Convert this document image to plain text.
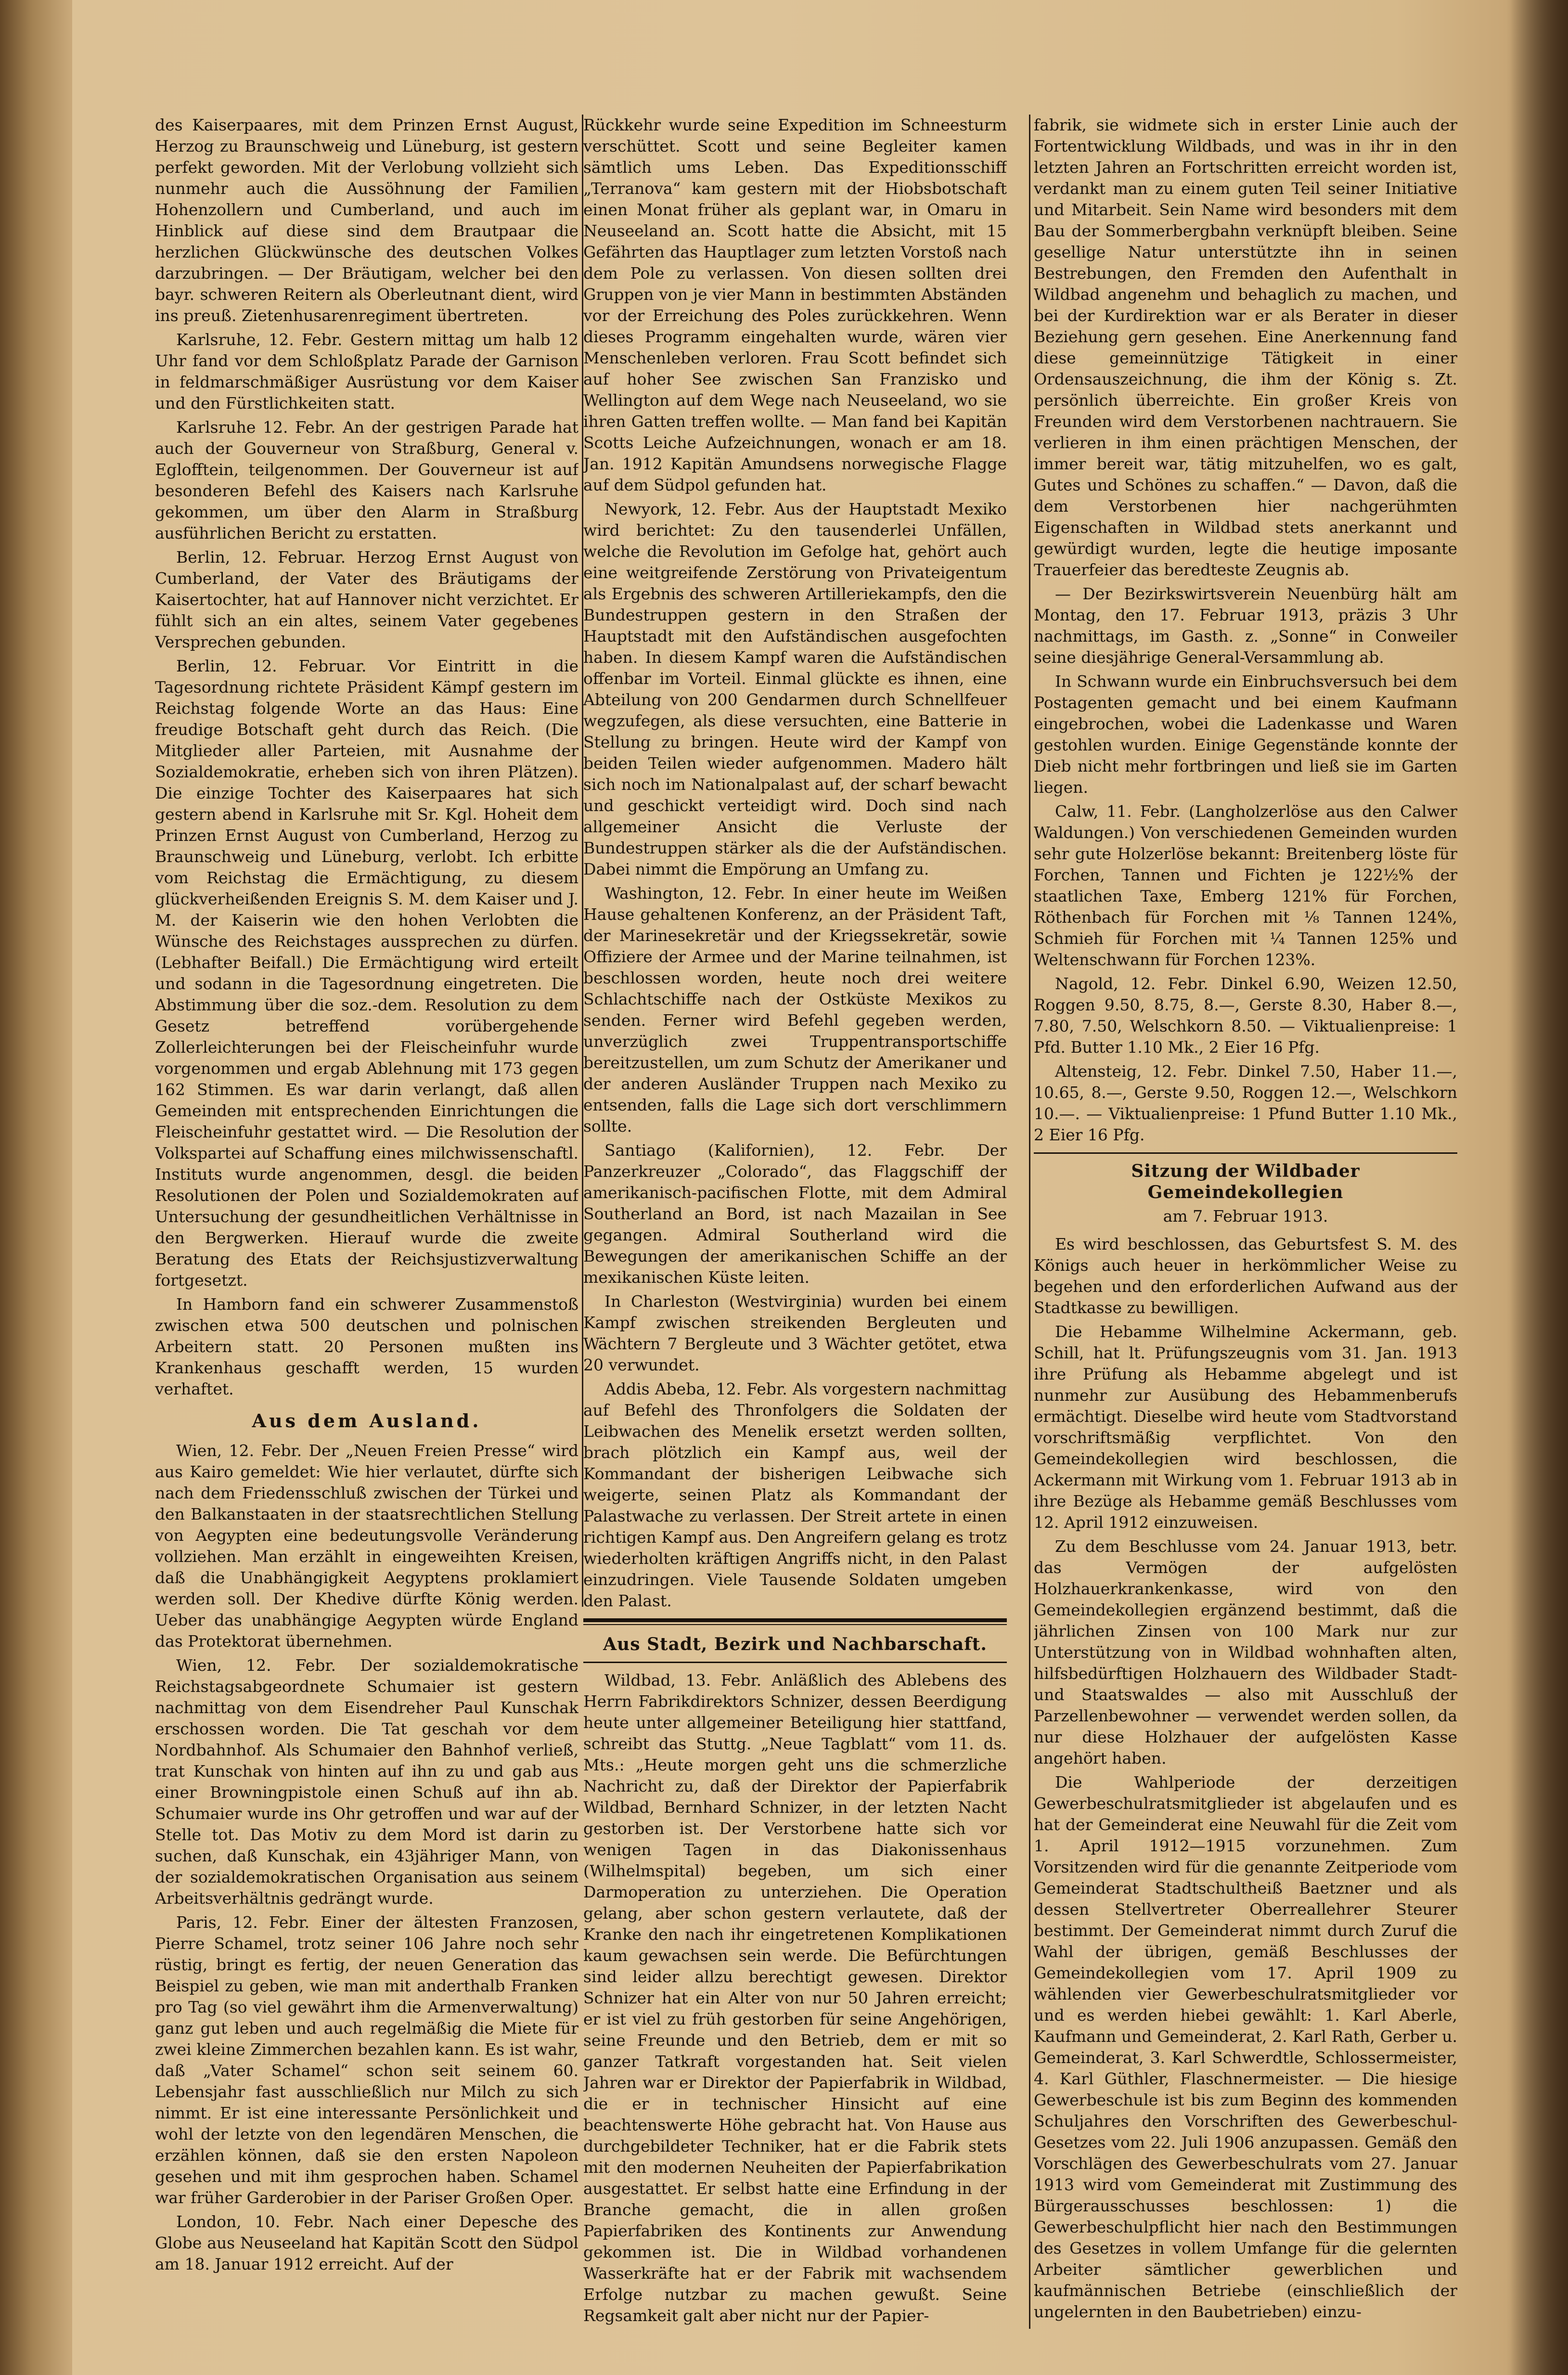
des Kaiserpaares, mit dem Prinzen Ernst August, Herzog zu Braunschweig und Lüneburg, ist gestern perfekt geworden. Mit der Verlobung vollzieht sich nunmehr auch die Aussöhnung der Familien Hohenzollern und Cumberland, und auch im Hinblick auf diese sind dem Brautpaar die herzlichen Glückwünsche des deutschen Volkes darzubringen. — Der Bräutigam, welcher bei den bayr. schweren Reitern als Oberleutnant dient, wird ins preuß. Zietenhusarenregiment übertreten.

Karlsruhe, 12. Febr. Gestern mittag um halb 12 Uhr fand vor dem Schloßplatz Parade der Garnison in feldmarschmäßiger Ausrüstung vor dem Kaiser und den Fürstlichkeiten statt.

Karlsruhe 12. Febr. An der gestrigen Parade hat auch der Gouverneur von Straßburg, General v. Eglofftein, teilgenommen. Der Gouverneur ist auf besonderen Befehl des Kaisers nach Karlsruhe gekommen, um über den Alarm in Straßburg ausführlichen Bericht zu erstatten.

Berlin, 12. Februar. Herzog Ernst August von Cumberland, der Vater des Bräutigams der Kaisertochter, hat auf Hannover nicht verzichtet. Er fühlt sich an ein altes, seinem Vater gegebenes Versprechen gebunden.

Berlin, 12. Februar. Vor Eintritt in die Tagesordnung richtete Präsident Kämpf gestern im Reichstag folgende Worte an das Haus: Eine freudige Botschaft geht durch das Reich. (Die Mitglieder aller Parteien, mit Ausnahme der Sozialdemokratie, erheben sich von ihren Plätzen). Die einzige Tochter des Kaiserpaares hat sich gestern abend in Karlsruhe mit Sr. Kgl. Hoheit dem Prinzen Ernst August von Cumberland, Herzog zu Braunschweig und Lüneburg, verlobt. Ich erbitte vom Reichstag die Ermächtigung, zu diesem glückverheißenden Ereignis S. M. dem Kaiser und J. M. der Kaiserin wie den hohen Verlobten die Wünsche des Reichstages aussprechen zu dürfen. (Lebhafter Beifall.) Die Ermächtigung wird erteilt und sodann in die Tagesordnung eingetreten. Die Abstimmung über die soz.-dem. Resolution zu dem Gesetz betreffend vorübergehende Zollerleichterungen bei der Fleischeinfuhr wurde vorgenommen und ergab Ablehnung mit 173 gegen 162 Stimmen. Es war darin verlangt, daß allen Gemeinden mit entsprechenden Einrichtungen die Fleischeinfuhr gestattet wird. — Die Resolution der Volkspartei auf Schaffung eines milchwissenschaftl. Instituts wurde angenommen, desgl. die beiden Resolutionen der Polen und Sozialdemokraten auf Untersuchung der gesundheitlichen Verhältnisse in den Bergwerken. Hierauf wurde die zweite Beratung des Etats der Reichsjustizverwaltung fortgesetzt.

In Hamborn fand ein schwerer Zusammenstoß zwischen etwa 500 deutschen und polnischen Arbeitern statt. 20 Personen mußten ins Krankenhaus geschafft werden, 15 wurden verhaftet.

Aus dem Ausland.

Wien, 12. Febr. Der „Neuen Freien Presse“ wird aus Kairo gemeldet: Wie hier verlautet, dürfte sich nach dem Friedensschluß zwischen der Türkei und den Balkanstaaten in der staatsrechtlichen Stellung von Aegypten eine bedeutungsvolle Veränderung vollziehen. Man erzählt in eingeweihten Kreisen, daß die Unabhängigkeit Aegyptens proklamiert werden soll. Der Khedive dürfte König werden. Ueber das unabhängige Aegypten würde England das Protektorat übernehmen.

Wien, 12. Febr. Der sozialdemokratische Reichstagsabgeordnete Schumaier ist gestern nachmittag von dem Eisendreher Paul Kunschak erschossen worden. Die Tat geschah vor dem Nordbahnhof. Als Schumaier den Bahnhof verließ, trat Kunschak von hinten auf ihn zu und gab aus einer Browningpistole einen Schuß auf ihn ab. Schumaier wurde ins Ohr getroffen und war auf der Stelle tot. Das Motiv zu dem Mord ist darin zu suchen, daß Kunschak, ein 43jähriger Mann, von der sozialdemokratischen Organisation aus seinem Arbeitsverhältnis gedrängt wurde.

Paris, 12. Febr. Einer der ältesten Franzosen, Pierre Schamel, trotz seiner 106 Jahre noch sehr rüstig, bringt es fertig, der neuen Generation das Beispiel zu geben, wie man mit anderthalb Franken pro Tag (so viel gewährt ihm die Armenverwaltung) ganz gut leben und auch regelmäßig die Miete für zwei kleine Zimmerchen bezahlen kann. Es ist wahr, daß „Vater Schamel“ schon seit seinem 60. Lebensjahr fast ausschließlich nur Milch zu sich nimmt. Er ist eine interessante Persönlichkeit und wohl der letzte von den legendären Menschen, die erzählen können, daß sie den ersten Napoleon gesehen und mit ihm gesprochen haben. Schamel war früher Garderobier in der Pariser Großen Oper.

London, 10. Febr. Nach einer Depesche des Globe aus Neuseeland hat Kapitän Scott den Südpol am 18. Januar 1912 erreicht. Auf der

Rückkehr wurde seine Expedition im Schneesturm verschüttet. Scott und seine Begleiter kamen sämtlich ums Leben. Das Expeditionsschiff „Terranova“ kam gestern mit der Hiobsbotschaft einen Monat früher als geplant war, in Omaru in Neuseeland an. Scott hatte die Absicht, mit 15 Gefährten das Hauptlager zum letzten Vorstoß nach dem Pole zu verlassen. Von diesen sollten drei Gruppen von je vier Mann in bestimmten Abständen vor der Erreichung des Poles zurückkehren. Wenn dieses Programm eingehalten wurde, wären vier Menschenleben verloren. Frau Scott befindet sich auf hoher See zwischen San Franzisko und Wellington auf dem Wege nach Neuseeland, wo sie ihren Gatten treffen wollte. — Man fand bei Kapitän Scotts Leiche Aufzeichnungen, wonach er am 18. Jan. 1912 Kapitän Amundsens norwegische Flagge auf dem Südpol gefunden hat.

Newyork, 12. Febr. Aus der Hauptstadt Mexiko wird berichtet: Zu den tausenderlei Unfällen, welche die Revolution im Gefolge hat, gehört auch eine weitgreifende Zerstörung von Privateigentum als Ergebnis des schweren Artilleriekampfs, den die Bundestruppen gestern in den Straßen der Hauptstadt mit den Aufständischen ausgefochten haben. In diesem Kampf waren die Aufständischen offenbar im Vorteil. Einmal glückte es ihnen, eine Abteilung von 200 Gendarmen durch Schnellfeuer wegzufegen, als diese versuchten, eine Batterie in Stellung zu bringen. Heute wird der Kampf von beiden Teilen wieder aufgenommen. Madero hält sich noch im Nationalpalast auf, der scharf bewacht und geschickt verteidigt wird. Doch sind nach allgemeiner Ansicht die Verluste der Bundestruppen stärker als die der Aufständischen. Dabei nimmt die Empörung an Umfang zu.

Washington, 12. Febr. In einer heute im Weißen Hause gehaltenen Konferenz, an der Präsident Taft, der Marinesekretär und der Kriegssekretär, sowie Offiziere der Armee und der Marine teilnahmen, ist beschlossen worden, heute noch drei weitere Schlachtschiffe nach der Ostküste Mexikos zu senden. Ferner wird Befehl gegeben werden, unverzüglich zwei Truppentransportschiffe bereitzustellen, um zum Schutz der Amerikaner und der anderen Ausländer Truppen nach Mexiko zu entsenden, falls die Lage sich dort verschlimmern sollte.

Santiago (Kalifornien), 12. Febr. Der Panzerkreuzer „Colorado“, das Flaggschiff der amerikanisch-pacifischen Flotte, mit dem Admiral Southerland an Bord, ist nach Mazailan in See gegangen. Admiral Southerland wird die Bewegungen der amerikanischen Schiffe an der mexikanischen Küste leiten.

In Charleston (Westvirginia) wurden bei einem Kampf zwischen streikenden Bergleuten und Wächtern 7 Bergleute und 3 Wächter getötet, etwa 20 verwundet.

Addis Abeba, 12. Febr. Als vorgestern nachmittag auf Befehl des Thronfolgers die Soldaten der Leibwachen des Menelik ersetzt werden sollten, brach plötzlich ein Kampf aus, weil der Kommandant der bisherigen Leibwache sich weigerte, seinen Platz als Kommandant der Palastwache zu verlassen. Der Streit artete in einen richtigen Kampf aus. Den Angreifern gelang es trotz wiederholten kräftigen Angriffs nicht, in den Palast einzudringen. Viele Tausende Soldaten umgeben den Palast.

Aus Stadt, Bezirk und Nachbarschaft.

Wildbad, 13. Febr. Anläßlich des Ablebens des Herrn Fabrikdirektors Schnizer, dessen Beerdigung heute unter allgemeiner Beteiligung hier stattfand, schreibt das Stuttg. „Neue Tagblatt“ vom 11. ds. Mts.: „Heute morgen geht uns die schmerzliche Nachricht zu, daß der Direktor der Papierfabrik Wildbad, Bernhard Schnizer, in der letzten Nacht gestorben ist. Der Verstorbene hatte sich vor wenigen Tagen in das Diakonissenhaus (Wilhelmspital) begeben, um sich einer Darmoperation zu unterziehen. Die Operation gelang, aber schon gestern verlautete, daß der Kranke den nach ihr eingetretenen Komplikationen kaum gewachsen sein werde. Die Befürchtungen sind leider allzu berechtigt gewesen. Direktor Schnizer hat ein Alter von nur 50 Jahren erreicht; er ist viel zu früh gestorben für seine Angehörigen, seine Freunde und den Betrieb, dem er mit so ganzer Tatkraft vorgestanden hat. Seit vielen Jahren war er Direktor der Papierfabrik in Wildbad, die er in technischer Hinsicht auf eine beachtenswerte Höhe gebracht hat. Von Hause aus durchgebildeter Techniker, hat er die Fabrik stets mit den modernen Neuheiten der Papierfabrikation ausgestattet. Er selbst hatte eine Erfindung in der Branche gemacht, die in allen großen Papierfabriken des Kontinents zur Anwendung gekommen ist. Die in Wildbad vorhandenen Wasserkräfte hat er der Fabrik mit wachsendem Erfolge nutzbar zu machen gewußt. Seine Regsamkeit galt aber nicht nur der Papier-

fabrik, sie widmete sich in erster Linie auch der Fortentwicklung Wildbads, und was in ihr in den letzten Jahren an Fortschritten erreicht worden ist, verdankt man zu einem guten Teil seiner Initiative und Mitarbeit. Sein Name wird besonders mit dem Bau der Sommerbergbahn verknüpft bleiben. Seine gesellige Natur unterstützte ihn in seinen Bestrebungen, den Fremden den Aufenthalt in Wildbad angenehm und behaglich zu machen, und bei der Kurdirektion war er als Berater in dieser Beziehung gern gesehen. Eine Anerkennung fand diese gemeinnützige Tätigkeit in einer Ordensauszeichnung, die ihm der König s. Zt. persönlich überreichte. Ein großer Kreis von Freunden wird dem Verstorbenen nachtrauern. Sie verlieren in ihm einen prächtigen Menschen, der immer bereit war, tätig mitzuhelfen, wo es galt, Gutes und Schönes zu schaffen.“ — Davon, daß die dem Verstorbenen hier nachgerühmten Eigenschaften in Wildbad stets anerkannt und gewürdigt wurden, legte die heutige imposante Trauerfeier das beredteste Zeugnis ab.

— Der Bezirkswirtsverein Neuenbürg hält am Montag, den 17. Februar 1913, präzis 3 Uhr nachmittags, im Gasth. z. „Sonne“ in Conweiler seine diesjährige General-Versammlung ab.

In Schwann wurde ein Einbruchsversuch bei dem Postagenten gemacht und bei einem Kaufmann eingebrochen, wobei die Ladenkasse und Waren gestohlen wurden. Einige Gegenstände konnte der Dieb nicht mehr fortbringen und ließ sie im Garten liegen.

Calw, 11. Febr. (Langholzerlöse aus den Calwer Waldungen.) Von verschiedenen Gemeinden wurden sehr gute Holzerlöse bekannt: Breitenberg löste für Forchen, Tannen und Fichten je 122½% der staatlichen Taxe, Emberg 121% für Forchen, Röthenbach für Forchen mit ⅛ Tannen 124%, Schmieh für Forchen mit ¼ Tannen 125% und Weltenschwann für Forchen 123%.

Nagold, 12. Febr. Dinkel 6.90, Weizen 12.50, Roggen 9.50, 8.75, 8.—, Gerste 8.30, Haber 8.—, 7.80, 7.50, Welschkorn 8.50. — Viktualienpreise: 1 Pfd. Butter 1.10 Mk., 2 Eier 16 Pfg.

Altensteig, 12. Febr. Dinkel 7.50, Haber 11.—, 10.65, 8.—, Gerste 9.50, Roggen 12.—, Welschkorn 10.—. — Viktualienpreise: 1 Pfund Butter 1.10 Mk., 2 Eier 16 Pfg.

Sitzung der Wildbader Gemeindekollegien
am 7. Februar 1913.

Es wird beschlossen, das Geburtsfest S. M. des Königs auch heuer in herkömmlicher Weise zu begehen und den erforderlichen Aufwand aus der Stadtkasse zu bewilligen.

Die Hebamme Wilhelmine Ackermann, geb. Schill, hat lt. Prüfungszeugnis vom 31. Jan. 1913 ihre Prüfung als Hebamme abgelegt und ist nunmehr zur Ausübung des Hebammenberufs ermächtigt. Dieselbe wird heute vom Stadtvorstand vorschriftsmäßig verpflichtet. Von den Gemeindekollegien wird beschlossen, die Ackermann mit Wirkung vom 1. Februar 1913 ab in ihre Bezüge als Hebamme gemäß Beschlusses vom 12. April 1912 einzuweisen.

Zu dem Beschlusse vom 24. Januar 1913, betr. das Vermögen der aufgelösten Holzhauerkrankenkasse, wird von den Gemeindekollegien ergänzend bestimmt, daß die jährlichen Zinsen von 100 Mark nur zur Unterstützung von in Wildbad wohnhaften alten, hilfsbedürftigen Holzhauern des Wildbader Stadt- und Staatswaldes — also mit Ausschluß der Parzellenbewohner — verwendet werden sollen, da nur diese Holzhauer der aufgelösten Kasse angehört haben.

Die Wahlperiode der derzeitigen Gewerbeschulratsmitglieder ist abgelaufen und es hat der Gemeinderat eine Neuwahl für die Zeit vom 1. April 1912—1915 vorzunehmen. Zum Vorsitzenden wird für die genannte Zeitperiode vom Gemeinderat Stadtschultheiß Baetzner und als dessen Stellvertreter Oberreallehrer Steurer bestimmt. Der Gemeinderat nimmt durch Zuruf die Wahl der übrigen, gemäß Beschlusses der Gemeindekollegien vom 17. April 1909 zu wählenden vier Gewerbeschulratsmitglieder vor und es werden hiebei gewählt: 1. Karl Aberle, Kaufmann und Gemeinderat, 2. Karl Rath, Gerber u. Gemeinderat, 3. Karl Schwerdtle, Schlossermeister, 4. Karl Güthler, Flaschnermeister. — Die hiesige Gewerbeschule ist bis zum Beginn des kommenden Schuljahres den Vorschriften des Gewerbeschul-Gesetzes vom 22. Juli 1906 anzupassen. Gemäß den Vorschlägen des Gewerbeschulrats vom 27. Januar 1913 wird vom Gemeinderat mit Zustimmung des Bürgerausschusses beschlossen: 1) die Gewerbeschulpflicht hier nach den Bestimmungen des Gesetzes in vollem Umfange für die gelernten Arbeiter sämtlicher gewerblichen und kaufmännischen Betriebe (einschließlich der ungelernten in den Baubetrieben) einzu-
